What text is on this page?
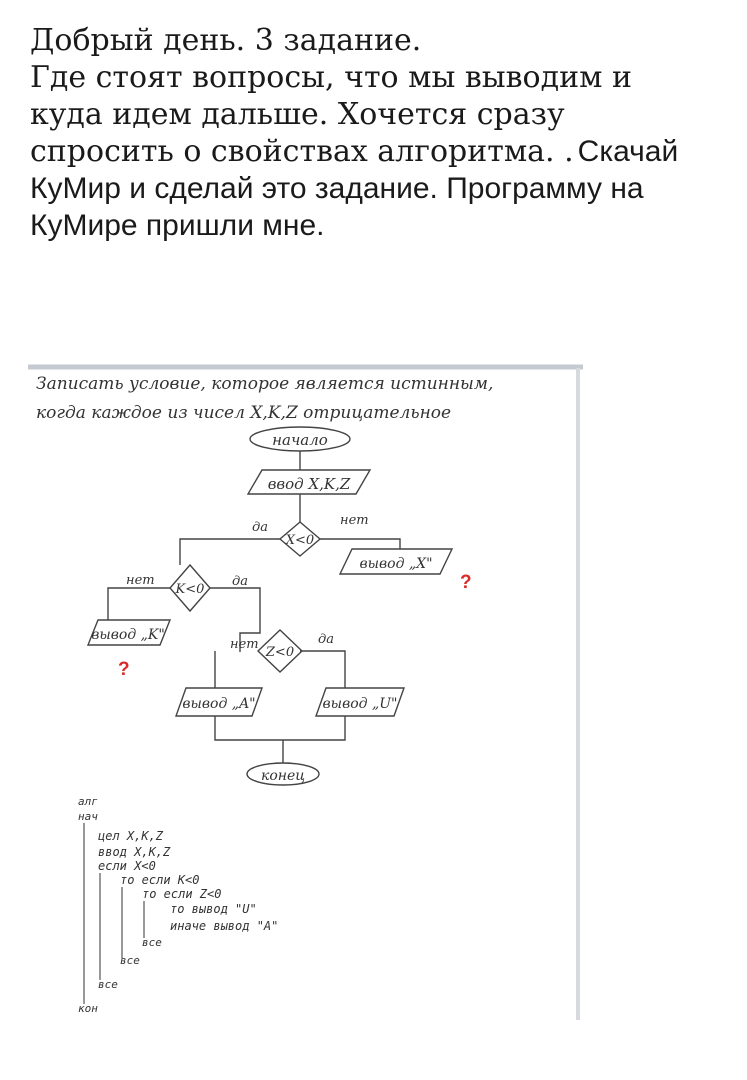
Добрый день. 3 задание.
Где стоят вопросы, что мы выводим и
куда идем дальше. Хочется сразу
спросить о свойствах алгоритма. . Скачай
КуМир и сделай это задание. Программу на
КуМире пришли мне.
Записать условие, которое является истинным,
когда каждое из чисел X,K,Z отрицательное
начало
ввод X,K,Z
X<0
да	нет
вывод „X"
?
K<0
нет	да
вывод „K"
?
Z<0
нет	да
вывод „A"	вывод „U"
конец
алг
нач
цел X,K,Z
ввод X,K,Z
если X<0
то если K<0
то если Z<0
то вывод "U"
иначе вывод "A"
все
все
все
кон
